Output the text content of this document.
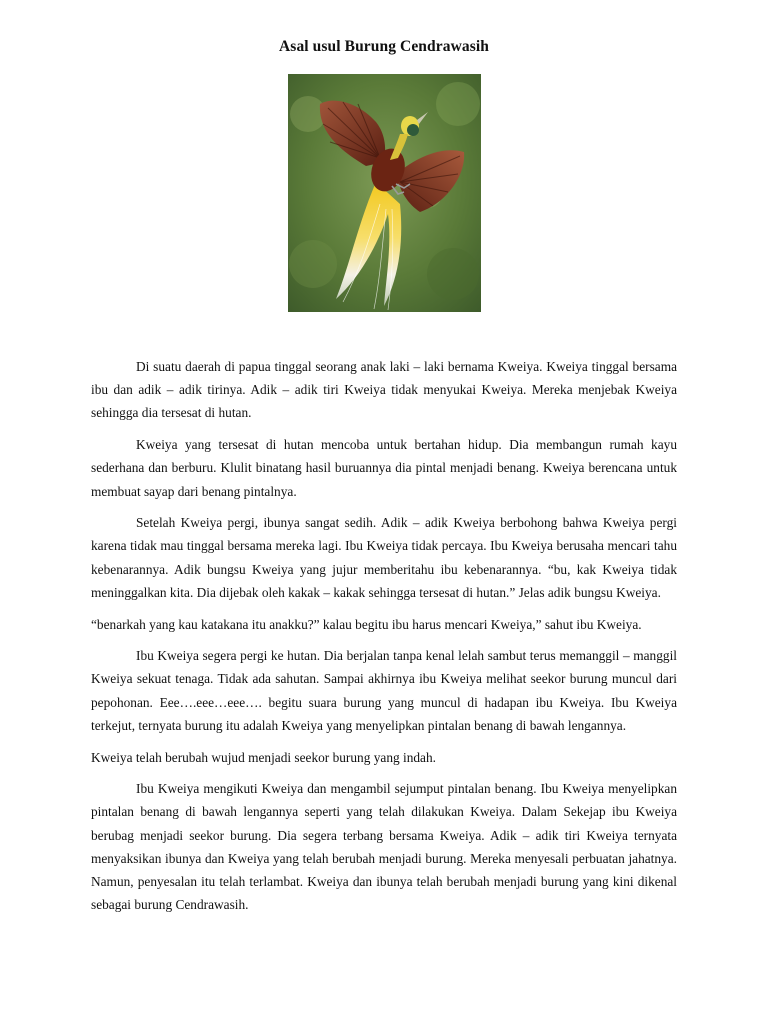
Asal usul Burung Cendrawasih

Di suatu daerah di papua tinggal seorang anak laki – laki bernama Kweiya. Kweiya tinggal bersama ibu dan adik – adik tirinya. Adik – adik tiri Kweiya tidak menyukai Kweiya. Mereka menjebak Kweiya sehingga dia tersesat di hutan.

Kweiya yang tersesat di hutan mencoba untuk bertahan hidup. Dia membangun rumah kayu sederhana dan berburu. Klulit binatang hasil buruannya dia pintal menjadi benang. Kweiya berencana untuk membuat sayap dari benang pintalnya.

Setelah Kweiya pergi, ibunya sangat sedih. Adik – adik Kweiya berbohong bahwa Kweiya pergi karena tidak mau tinggal bersama mereka lagi. Ibu Kweiya tidak percaya. Ibu Kweiya berusaha mencari tahu kebenarannya. Adik bungsu Kweiya yang jujur memberitahu ibu kebenarannya. “bu, kak Kweiya tidak meninggalkan kita. Dia dijebak oleh kakak – kakak sehingga tersesat di hutan.” Jelas adik bungsu Kweiya.

“benarkah yang kau katakana itu anakku?” kalau begitu ibu harus mencari Kweiya,” sahut ibu Kweiya.

Ibu Kweiya segera pergi ke hutan. Dia berjalan tanpa kenal lelah sambut terus memanggil – manggil Kweiya sekuat tenaga. Tidak ada sahutan. Sampai akhirnya ibu Kweiya melihat seekor burung muncul dari pepohonan. Eee….eee…eee…. begitu suara burung yang muncul di hadapan ibu Kweiya. Ibu Kweiya terkejut, ternyata burung itu adalah Kweiya yang menyelipkan pintalan benang di bawah lengannya.

Kweiya telah berubah wujud menjadi seekor burung yang indah.

Ibu Kweiya mengikuti Kweiya dan mengambil sejumput pintalan benang. Ibu Kweiya menyelipkan pintalan benang di bawah lengannya seperti yang telah dilakukan Kweiya. Dalam Sekejap ibu Kweiya berubag menjadi seekor burung. Dia segera terbang bersama Kweiya. Adik – adik tiri Kweiya ternyata menyaksikan ibunya dan Kweiya yang telah berubah menjadi burung. Mereka menyesali perbuatan jahatnya. Namun, penyesalan itu telah terlambat. Kweiya dan ibunya telah berubah menjadi burung yang kini dikenal sebagai burung Cendrawasih.
